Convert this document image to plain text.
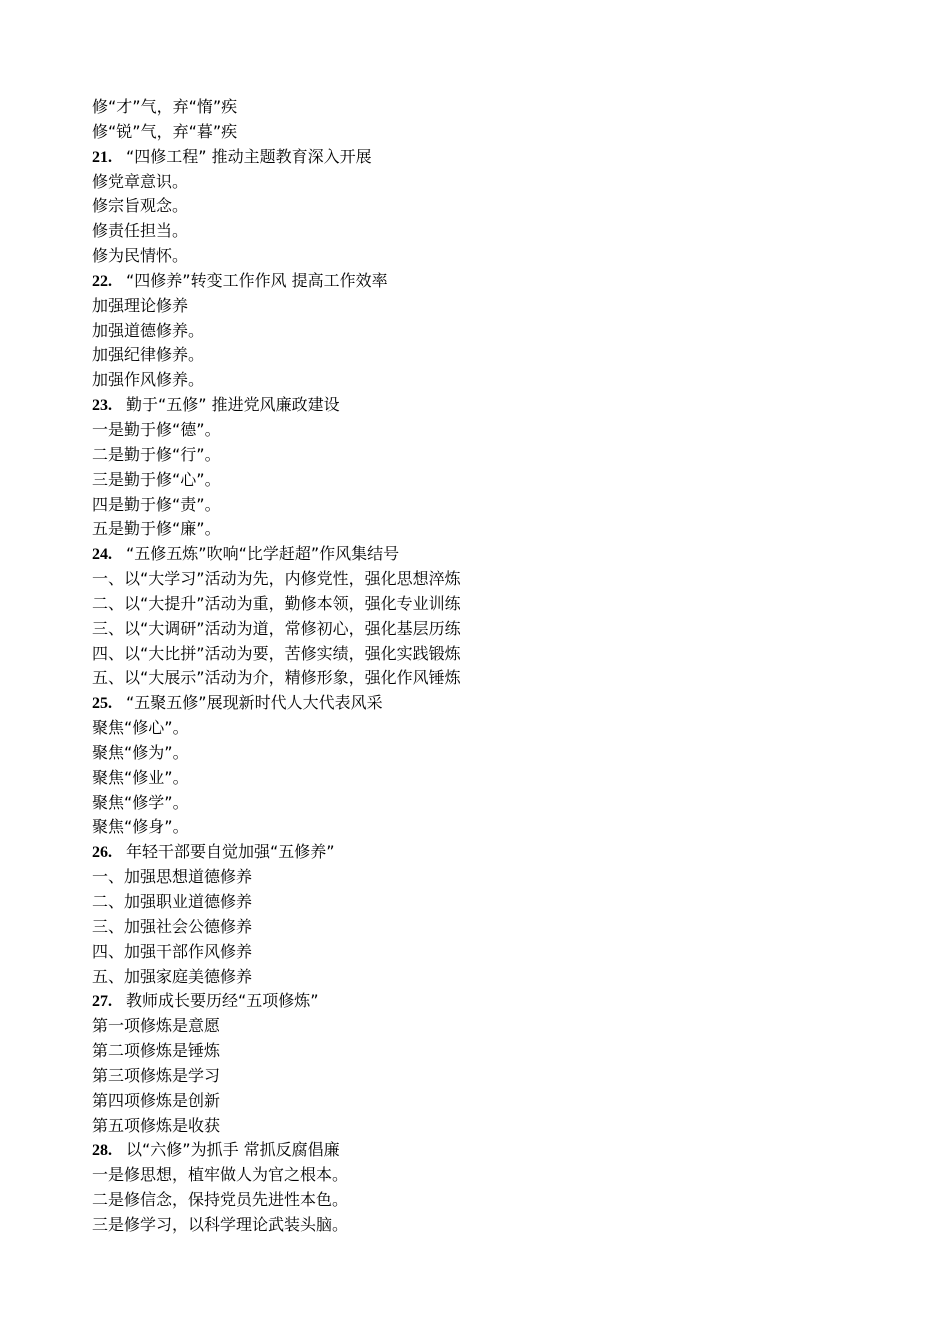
修“才”气，弃“惰”疾
修“锐”气，弃“暮”疾
21. “四修工程” 推动主题教育深入开展
修党章意识。
修宗旨观念。
修责任担当。
修为民情怀。
22. “四修养”转变工作作风 提高工作效率
加强理论修养
加强道德修养。
加强纪律修养。
加强作风修养。
23. 勤于“五修” 推进党风廉政建设
一是勤于修“德”。
二是勤于修“行”。
三是勤于修“心”。
四是勤于修“责”。
五是勤于修“廉”。
24. “五修五炼”吹响“比学赶超”作风集结号
一、以“大学习”活动为先，内修党性，强化思想淬炼
二、以“大提升”活动为重，勤修本领，强化专业训练
三、以“大调研”活动为道，常修初心，强化基层历练
四、以“大比拼”活动为要，苦修实绩，强化实践锻炼
五、以“大展示”活动为介，精修形象，强化作风锤炼
25. “五聚五修”展现新时代人大代表风采
聚焦“修心”。
聚焦“修为”。
聚焦“修业”。
聚焦“修学”。
聚焦“修身”。
26. 年轻干部要自觉加强“五修养”
一、加强思想道德修养
二、加强职业道德修养
三、加强社会公德修养
四、加强干部作风修养
五、加强家庭美德修养
27. 教师成长要历经“五项修炼”
第一项修炼是意愿
第二项修炼是锤炼
第三项修炼是学习
第四项修炼是创新
第五项修炼是收获
28. 以“六修”为抓手 常抓反腐倡廉
一是修思想，植牢做人为官之根本。
二是修信念，保持党员先进性本色。
三是修学习，以科学理论武装头脑。
